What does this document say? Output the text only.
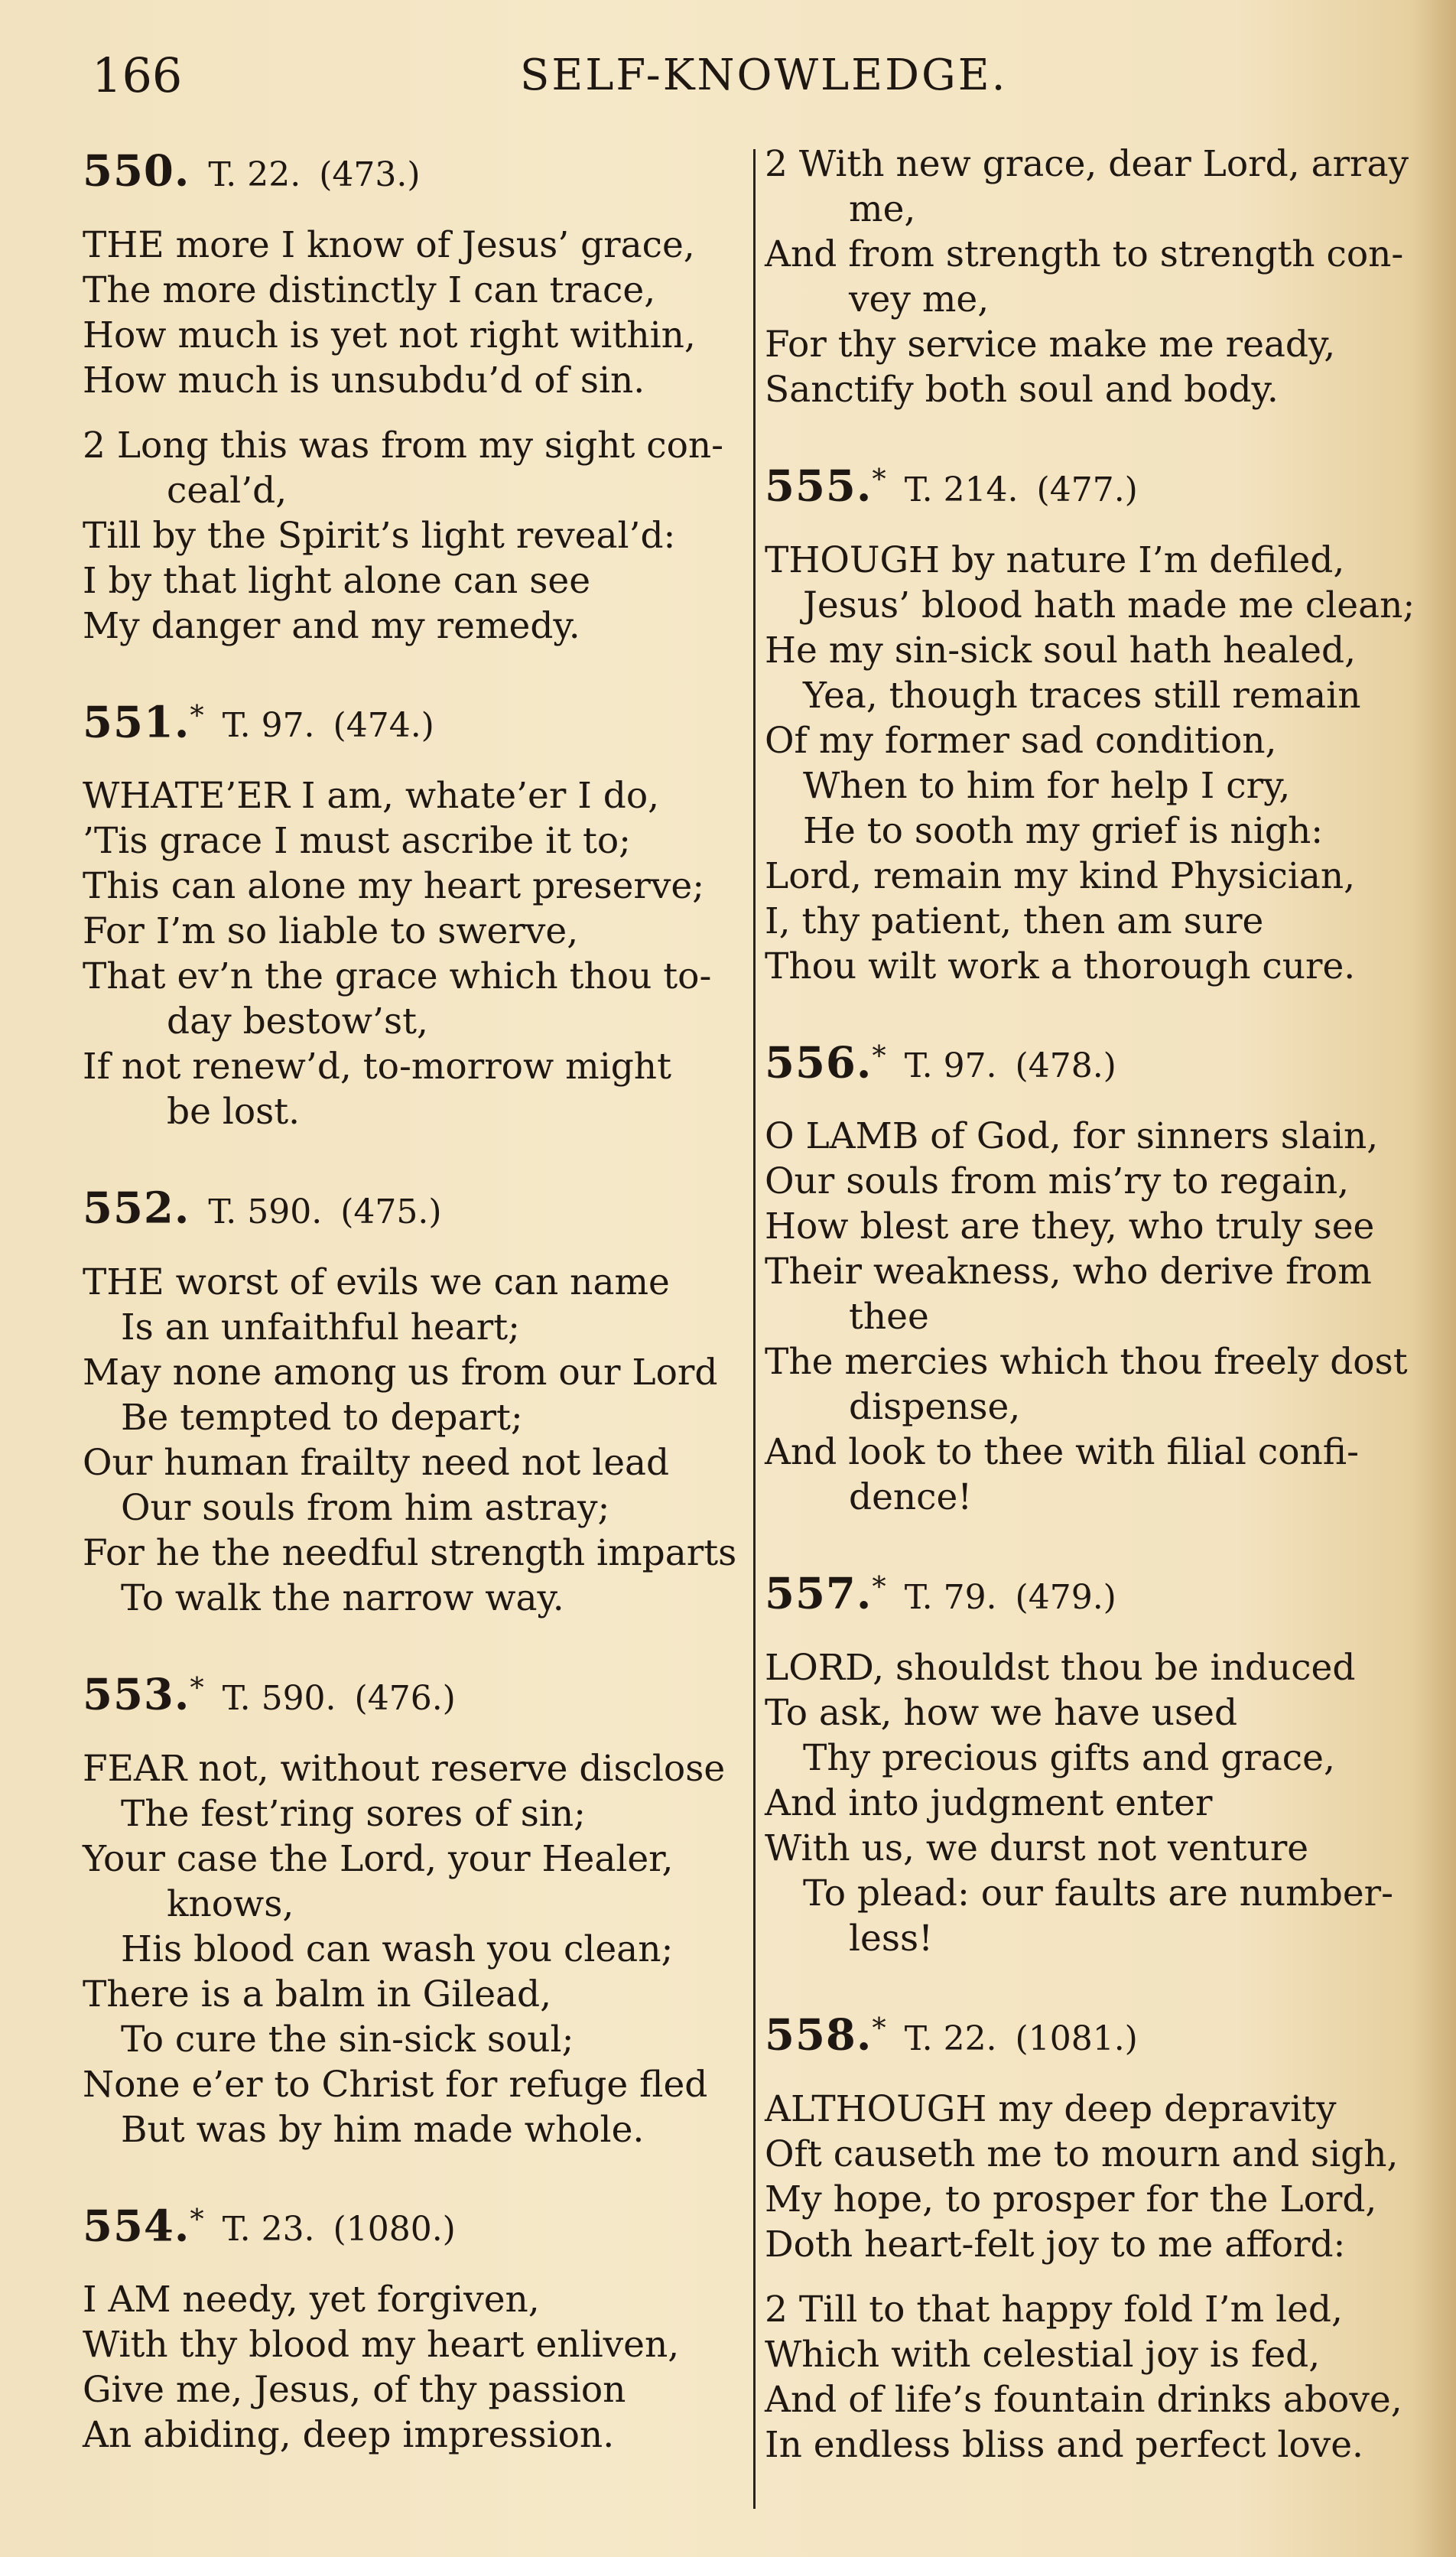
166	SELF-KNOWLEDGE.
550. T. 22. (473.)
THE more I know of Jesus’ grace,
The more distinctly I can trace,
How much is yet not right within,
How much is unsubdu’d of sin.
2 Long this was from my sight con-
ceal’d,
Till by the Spirit’s light reveal’d:
I by that light alone can see
My danger and my remedy.
551.* T. 97. (474.)
WHATE’ER I am, whate’er I do,
’Tis grace I must ascribe it to;
This can alone my heart preserve;
For I’m so liable to swerve,
That ev’n the grace which thou to-
day bestow’st,
If not renew’d, to-morrow might
be lost.
552. T. 590. (475.)
THE worst of evils we can name
Is an unfaithful heart;
May none among us from our Lord
Be tempted to depart;
Our human frailty need not lead
Our souls from him astray;
For he the needful strength imparts
To walk the narrow way.
553.* T. 590. (476.)
FEAR not, without reserve disclose
The fest’ring sores of sin;
Your case the Lord, your Healer,
knows,
His blood can wash you clean;
There is a balm in Gilead,
To cure the sin-sick soul;
None e’er to Christ for refuge fled
But was by him made whole.
554.* T. 23. (1080.)
I AM needy, yet forgiven,
With thy blood my heart enliven,
Give me, Jesus, of thy passion
An abiding, deep impression.
2 With new grace, dear Lord, array
me,
And from strength to strength con-
vey me,
For thy service make me ready,
Sanctify both soul and body.
555.* T. 214. (477.)
THOUGH by nature I’m defiled,
Jesus’ blood hath made me clean;
He my sin-sick soul hath healed,
Yea, though traces still remain
Of my former sad condition,
When to him for help I cry,
He to sooth my grief is nigh:
Lord, remain my kind Physician,
I, thy patient, then am sure
Thou wilt work a thorough cure.
556.* T. 97. (478.)
O LAMB of God, for sinners slain,
Our souls from mis’ry to regain,
How blest are they, who truly see
Their weakness, who derive from
thee
The mercies which thou freely dost
dispense,
And look to thee with filial confi-
dence!
557.* T. 79. (479.)
LORD, shouldst thou be induced
To ask, how we have used
Thy precious gifts and grace,
And into judgment enter
With us, we durst not venture
To plead: our faults are number-
less!
558.* T. 22. (1081.)
ALTHOUGH my deep depravity
Oft causeth me to mourn and sigh,
My hope, to prosper for the Lord,
Doth heart-felt joy to me afford:
2 Till to that happy fold I’m led,
Which with celestial joy is fed,
And of life’s fountain drinks above,
In endless bliss and perfect love.
